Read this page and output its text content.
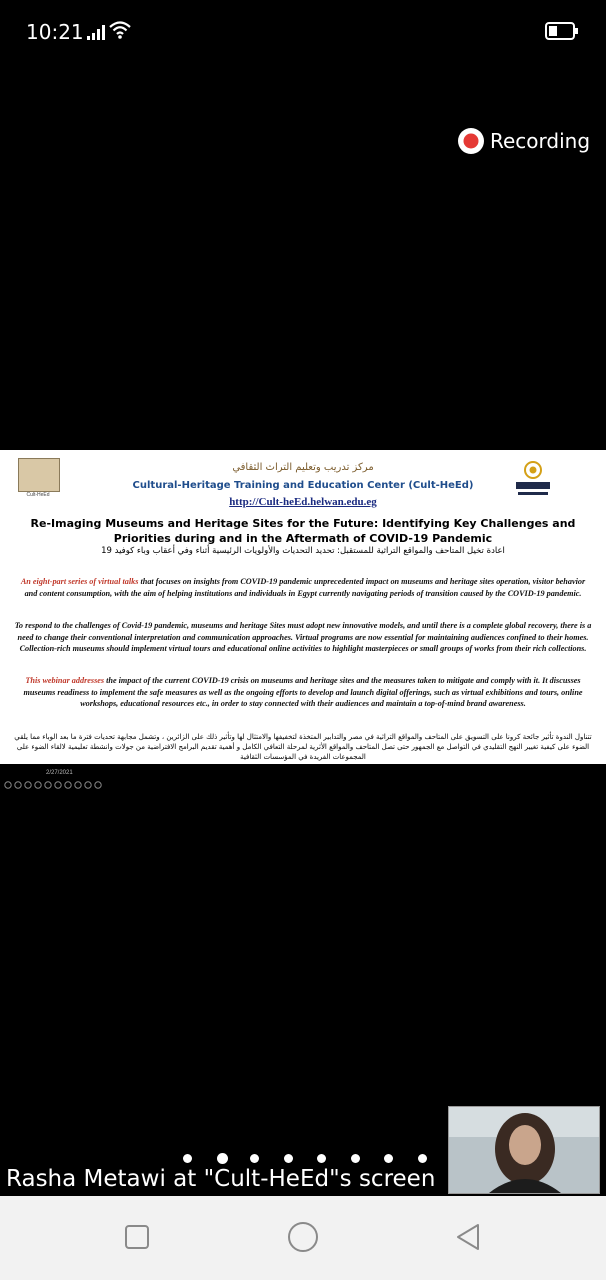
10:21
Recording
Cult-HeEd
مركز تدريب وتعليم التراث الثقافي
Cultural-Heritage Training and Education Center (Cult-HeEd)
http://Cult-heEd.helwan.edu.eg
Re-Imaging Museums and Heritage Sites for the Future: Identifying Key Challenges and Priorities during and in the Aftermath of COVID-19 Pandemic
اعادة تخيل المتاحف والمواقع التراثية للمستقبل: تحديد التحديات والأولويات الرئيسية أثناء وفي أعقاب وباء كوفيد 19
An eight-part series of virtual talks that focuses on insights from COVID-19 pandemic unprecedented impact on museums and heritage sites operation, visitor behavior and content consumption, with the aim of helping institutions and individuals in Egypt currently navigating periods of transition caused by the COVID-19 pandemic.
To respond to the challenges of Covid-19 pandemic, museums and heritage Sites must adopt new innovative models, and until there is a complete global recovery, there is a need to change their conventional interpretation and communication approaches. Virtual programs are now essential for maintaining audiences confined to their homes. Collection-rich museums should implement virtual tours and educational online activities to highlight masterpieces or small groups of works from their rich collections.
This webinar addresses the impact of the current COVID-19 crisis on museums and heritage sites and the measures taken to mitigate and comply with it. It discusses museums readiness to implement the safe measures as well as the ongoing efforts to develop and launch digital offerings, such as virtual exhibitions and tours, online workshops, educational resources etc., in order to stay connected with their audiences and maintain a top-of-mind brand awareness.
تتناول الندوة تأثير جائحة كرونا على التسويق على المتاحف والمواقع التراثية في مصر والتدابير المتخذة لتخفيفها والامتثال لها وتأثير ذلك على الزائرين ، وتشمل مجابهة تحديات فترة ما بعد الوباء مما يلقي الضوء على كيفية تغيير النهج التقليدي في التواصل مع الجمهور حتى تصل المتاحف والمواقع الأثرية لمرحلة التعافي الكامل و أهمية تقديم البرامج الافتراضية من جولات وانشطة تعليمية لالقاء الضوء على المجموعات الفريدة في المؤسسات الثقافية
2/27/2021
Rasha Metawi at "Cult-HeEd"s screen
